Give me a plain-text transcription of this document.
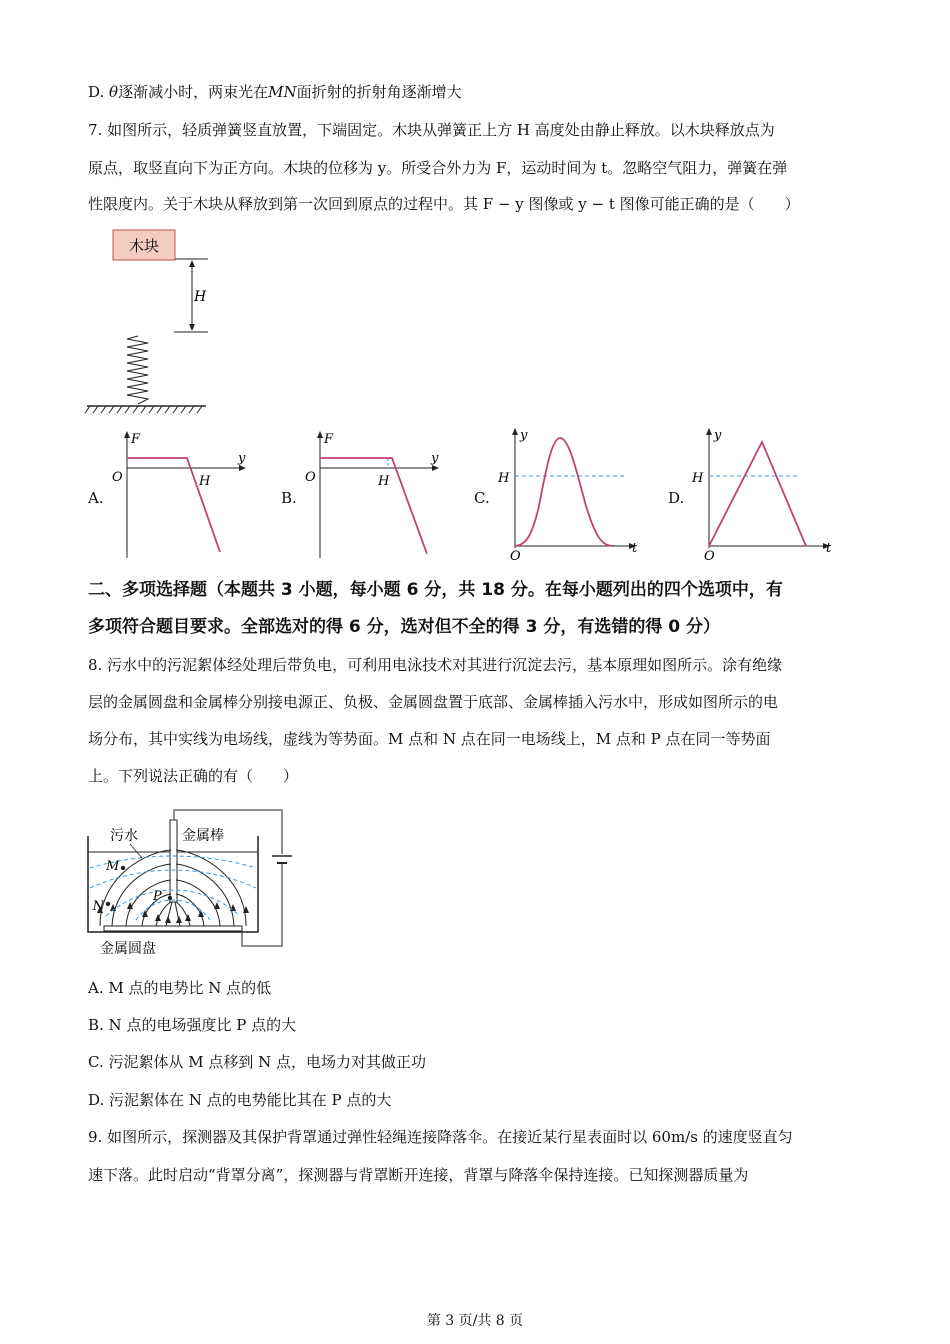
D. θ逐渐减小时，两束光在MN面折射的折射角逐渐增大
7. 如图所示，轻质弹簧竖直放置，下端固定。木块从弹簧正上方 H 高度处由静止释放。以木块释放点为
原点，取竖直向下为正方向。木块的位移为 y。所受合外力为 F，运动时间为 t。忽略空气阻力，弹簧在弹
性限度内。关于木块从释放到第一次回到原点的过程中。其 F − y 图像或 y − t 图像可能正确的是（　　）
木块
H
A.	B.	C.	D.
F
y
O	H
F
y
O	H
y
t
O
H
y
t
O
H
二、多项选择题（本题共 3 小题，每小题 6 分，共 18 分。在每小题列出的四个选项中，有
多项符合题目要求。全部选对的得 6 分，选对但不全的得 3 分，有选错的得 0 分）
8. 污水中的污泥絮体经处理后带负电，可利用电泳技术对其进行沉淀去污，基本原理如图所示。涂有绝缘
层的金属圆盘和金属棒分别接电源正、负极、金属圆盘置于底部、金属棒插入污水中，形成如图所示的电
场分布，其中实线为电场线，虚线为等势面。M 点和 N 点在同一电场线上，M 点和 P 点在同一等势面
上。下列说法正确的有（　　）
M
N
P
污水	金属棒
金属圆盘
A. M 点的电势比 N 点的低
B. N 点的电场强度比 P 点的大
C. 污泥絮体从 M 点移到 N 点，电场力对其做正功
D. 污泥絮体在 N 点的电势能比其在 P 点的大
9. 如图所示，探测器及其保护背罩通过弹性轻绳连接降落伞。在接近某行星表面时以 60m/s 的速度竖直匀
速下落。此时启动“背罩分离”，探测器与背罩断开连接，背罩与降落伞保持连接。已知探测器质量为
第 3 页/共 8 页
